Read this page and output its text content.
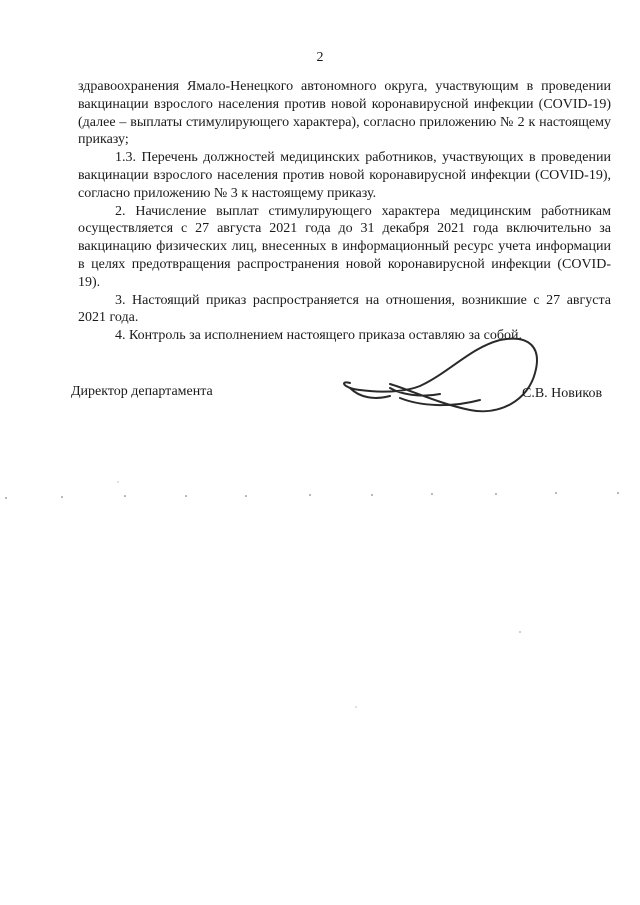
2

здравоохранения Ямало-Ненецкого автономного округа, участвующим в проведении вакцинации взрослого населения против новой коронавирусной инфекции (COVID-19) (далее – выплаты стимулирующего характера), согласно приложению № 2 к настоящему приказу;

1.3. Перечень должностей медицинских работников, участвующих в проведении вакцинации взрослого населения против новой коронавирусной инфекции (COVID-19), согласно приложению № 3 к настоящему приказу.

2. Начисление выплат стимулирующего характера медицинским работникам осуществляется с 27 августа 2021 года до 31 декабря 2021 года включительно за вакцинацию физических лиц, внесенных в информационный ресурс учета информации в целях предотвращения распространения новой коронавирусной инфекции (COVID-19).

3. Настоящий приказ распространяется на отношения, возникшие с 27 августа 2021 года.

4. Контроль за исполнением настоящего приказа оставляю за собой.

Директор департамента	С.В. Новиков
